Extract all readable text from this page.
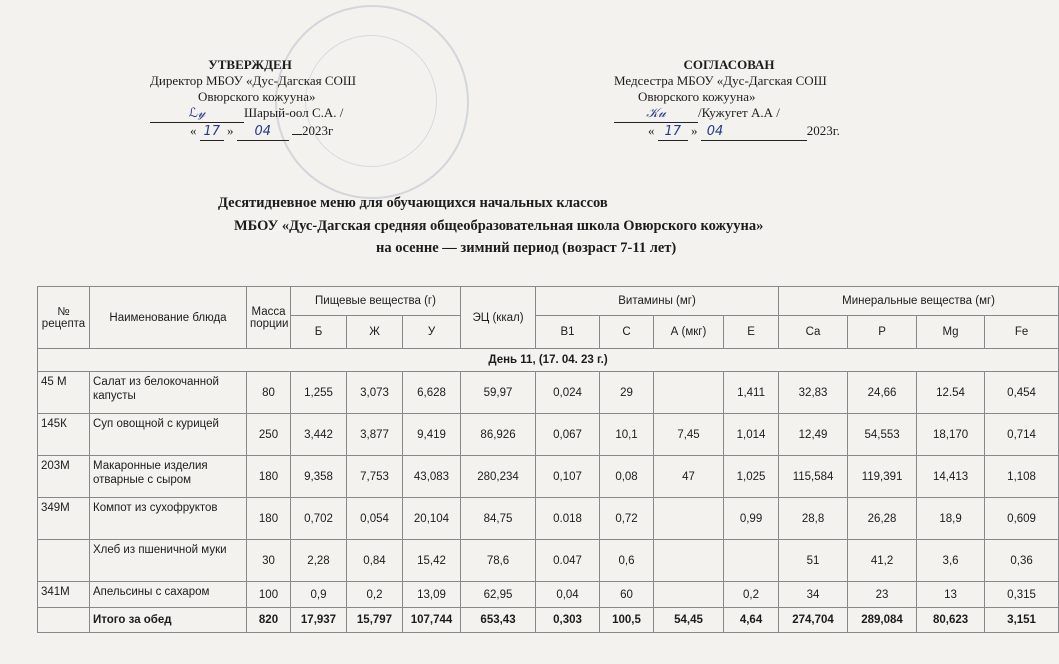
УТВЕРЖДЕН
Директор МБОУ «Дус-Дагская СОШ
Овюрского кожууна»
ℒ𝓎	Шарый-оол С.А. /
« 17 » 04 2023г
СОГЛАСОВАН
Медсестра МБОУ «Дус-Дагская СОШ
Овюрского кожууна»
𝒦𝓊 /Кужугет А.А /
« 17 » 04	2023г.
Десятидневное меню для обучающихся начальных классов
МБОУ «Дус-Дагская средняя общеобразовательная школа Овюрского кожууна»
на осенне — зимний период (возраст 7-11 лет)
№ рецепта	Наименование блюда	Масса порции	Пищевые вещества (г)			ЭЦ (ккал)	Витамины (мг)				Минеральные вещества (мг)			
			Б	Ж	У		В1	С	А (мкг)	Е	Са	Р	Mg	Fe
День 11, (17. 04. 23 г.)														
45 М	Салат из белокочанной капусты	80	1,255	3,073	6,628	59,97	0,024	29		1,411	32,83	24,66	12.54	0,454
145К	Суп овощной с курицей	250	3,442	3,877	9,419	86,926	0,067	10,1	7,45	1,014	12,49	54,553	18,170	0,714
203М	Макаронные изделия отварные с сыром	180	9,358	7,753	43,083	280,234	0,107	0,08	47	1,025	115,584	119,391	14,413	1,108
349М	Компот из сухофруктов	180	0,702	0,054	20,104	84,75	0.018	0,72		0,99	28,8	26,28	18,9	0,609
	Хлеб из пшеничной муки	30	2,28	0,84	15,42	78,6	0.047	0,6			51	41,2	3,6	0,36
341М	Апельсины с сахаром	100	0,9	0,2	13,09	62,95	0,04	60		0,2	34	23	13	0,315
	Итого за обед	820	17,937	15,797	107,744	653,43	0,303	100,5	54,45	4,64	274,704	289,084	80,623	3,151
